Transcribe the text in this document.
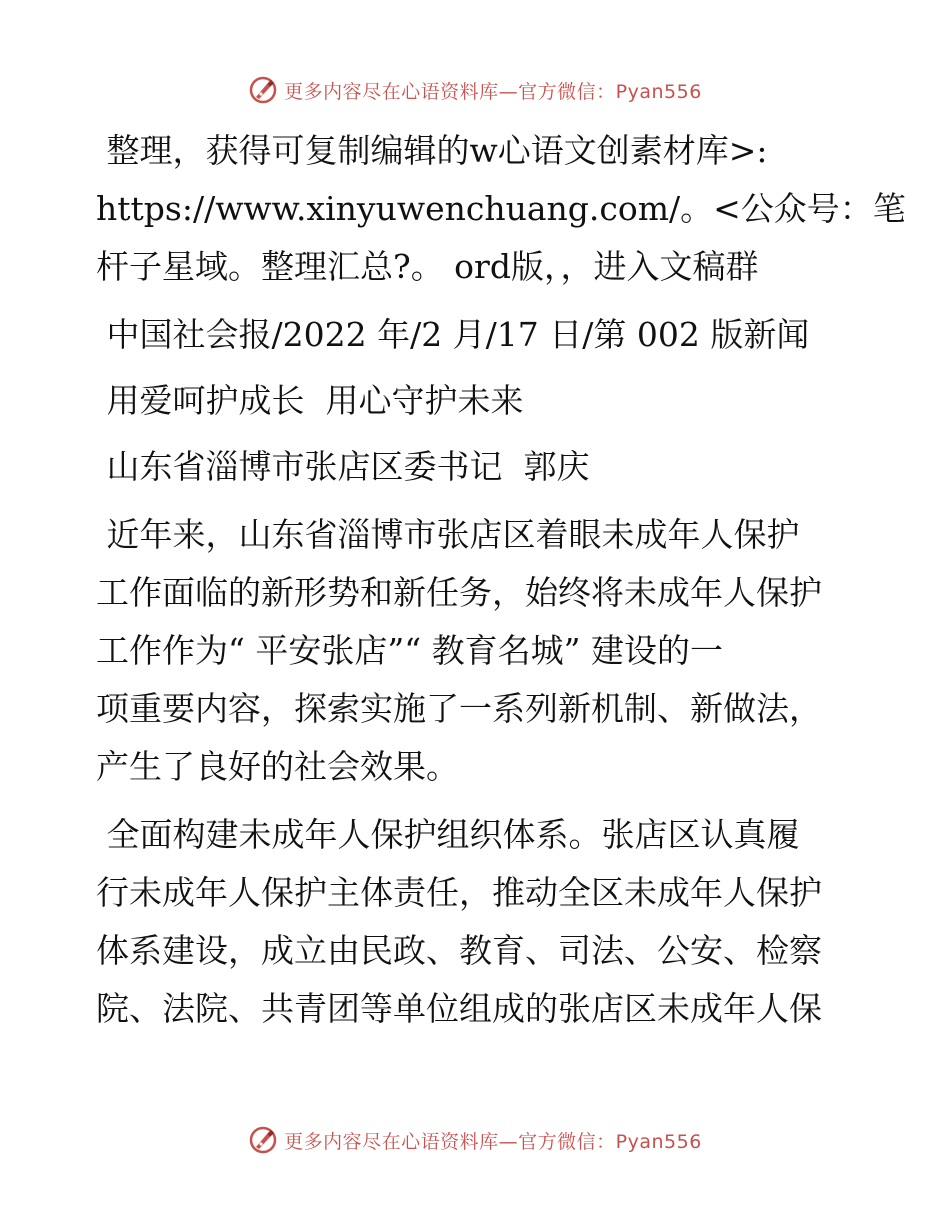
更多内容尽在心语资料库—官方微信：Pyan556
整理，获得可复制编辑的w心语文创素材库>:
https://www.xinyuwenchuang.com/。<公众号：笔
杆子星域。整理汇总?。 ord版，，进入文稿群
中国社会报/2022 年/2 月/17 日/第 002 版新闻
用爱呵护成长  用心守护未来
山东省淄博市张店区委书记  郭庆
近年来，山东省淄博市张店区着眼未成年人保护
工作面临的新形势和新任务，始终将未成年人保护
工作作为“ 平安张店”“ 教育名城” 建设的一
项重要内容，探索实施了一系列新机制、新做法，
产生了良好的社会效果。
全面构建未成年人保护组织体系。张店区认真履
行未成年人保护主体责任，推动全区未成年人保护
体系建设，成立由民政、教育、司法、公安、检察
院、法院、共青团等单位组成的张店区未成年人保
更多内容尽在心语资料库—官方微信：Pyan556
